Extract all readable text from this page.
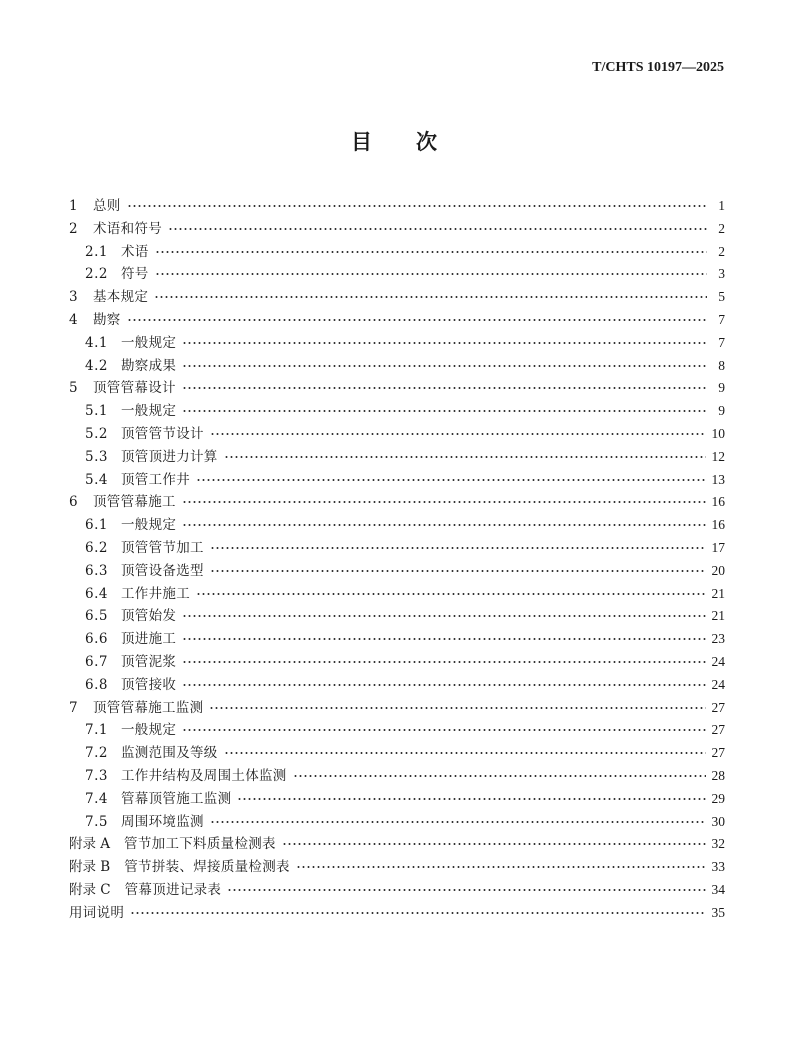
T/CHTS 10197—2025
目 次
1	总则	1
2	术语和符号	2
2.1 术语	2
2.2 符号	3
3	基本规定	5
4	勘察	7
4.1 一般规定	7
4.2 勘察成果	8
5	顶管管幕设计	9
5.1 一般规定	9
5.2 顶管管节设计	10
5.3 顶管顶进力计算	12
5.4 顶管工作井	13
6	顶管管幕施工	16
6.1 一般规定	16
6.2 顶管管节加工	17
6.3 顶管设备选型	20
6.4 工作井施工	21
6.5 顶管始发	21
6.6 顶进施工	23
6.7 顶管泥浆	24
6.8 顶管接收	24
7	顶管管幕施工监测	27
7.1 一般规定	27
7.2 监测范围及等级	27
7.3 工作井结构及周围土体监测	28
7.4 管幕顶管施工监测	29
7.5 周围环境监测	30
附录 A 管节加工下料质量检测表	32
附录 B 管节拼装、焊接质量检测表	33
附录 C 管幕顶进记录表	34
用词说明	35
